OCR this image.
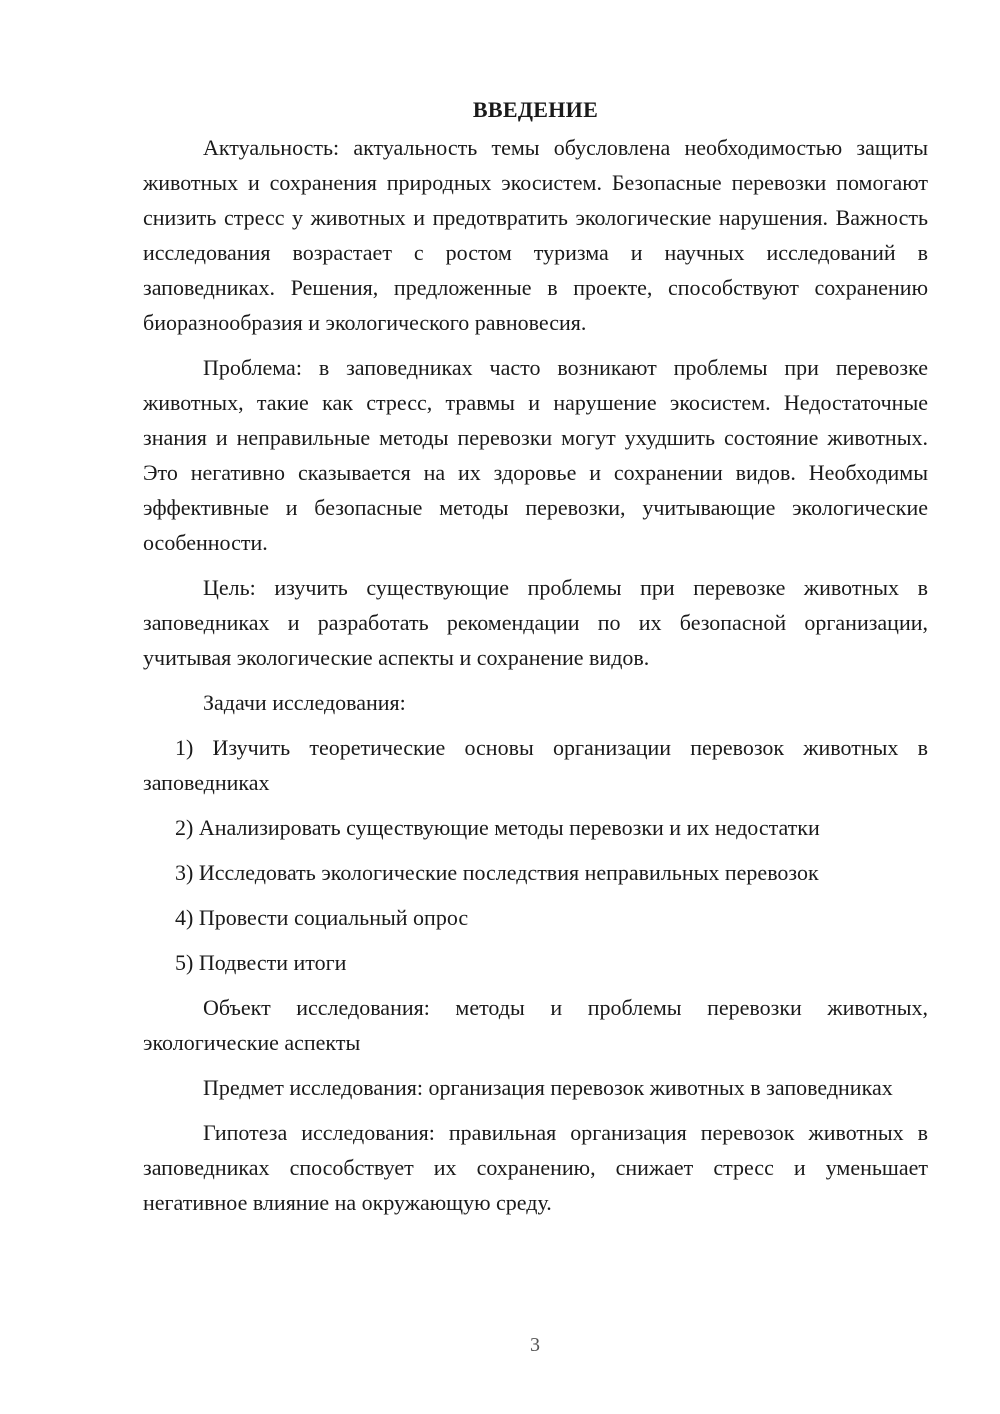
ВВЕДЕНИЕ

Актуальность: актуальность темы обусловлена необходимостью защиты животных и сохранения природных экосистем. Безопасные перевозки помогают снизить стресс у животных и предотвратить экологические нарушения. Важность исследования возрастает с ростом туризма и научных исследований в заповедниках. Решения, предложенные в проекте, способствуют сохранению биоразнообразия и экологического равновесия.

Проблема: в заповедниках часто возникают проблемы при перевозке животных, такие как стресс, травмы и нарушение экосистем. Недостаточные знания и неправильные методы перевозки могут ухудшить состояние животных. Это негативно сказывается на их здоровье и сохранении видов. Необходимы эффективные и безопасные методы перевозки, учитывающие экологические особенности.

Цель: изучить существующие проблемы при перевозке животных в заповедниках и разработать рекомендации по их безопасной организации, учитывая экологические аспекты и сохранение видов.

Задачи исследования:

1) Изучить теоретические основы организации перевозок животных в заповедниках

2) Анализировать существующие методы перевозки и их недостатки

3) Исследовать экологические последствия неправильных перевозок

4) Провести социальный опрос

5) Подвести итоги

Объект исследования: методы и проблемы перевозки животных, экологические аспекты

Предмет исследования: организация перевозок животных в заповедниках

Гипотеза исследования: правильная организация перевозок животных в заповедниках способствует их сохранению, снижает стресс и уменьшает негативное влияние на окружающую среду.

3
